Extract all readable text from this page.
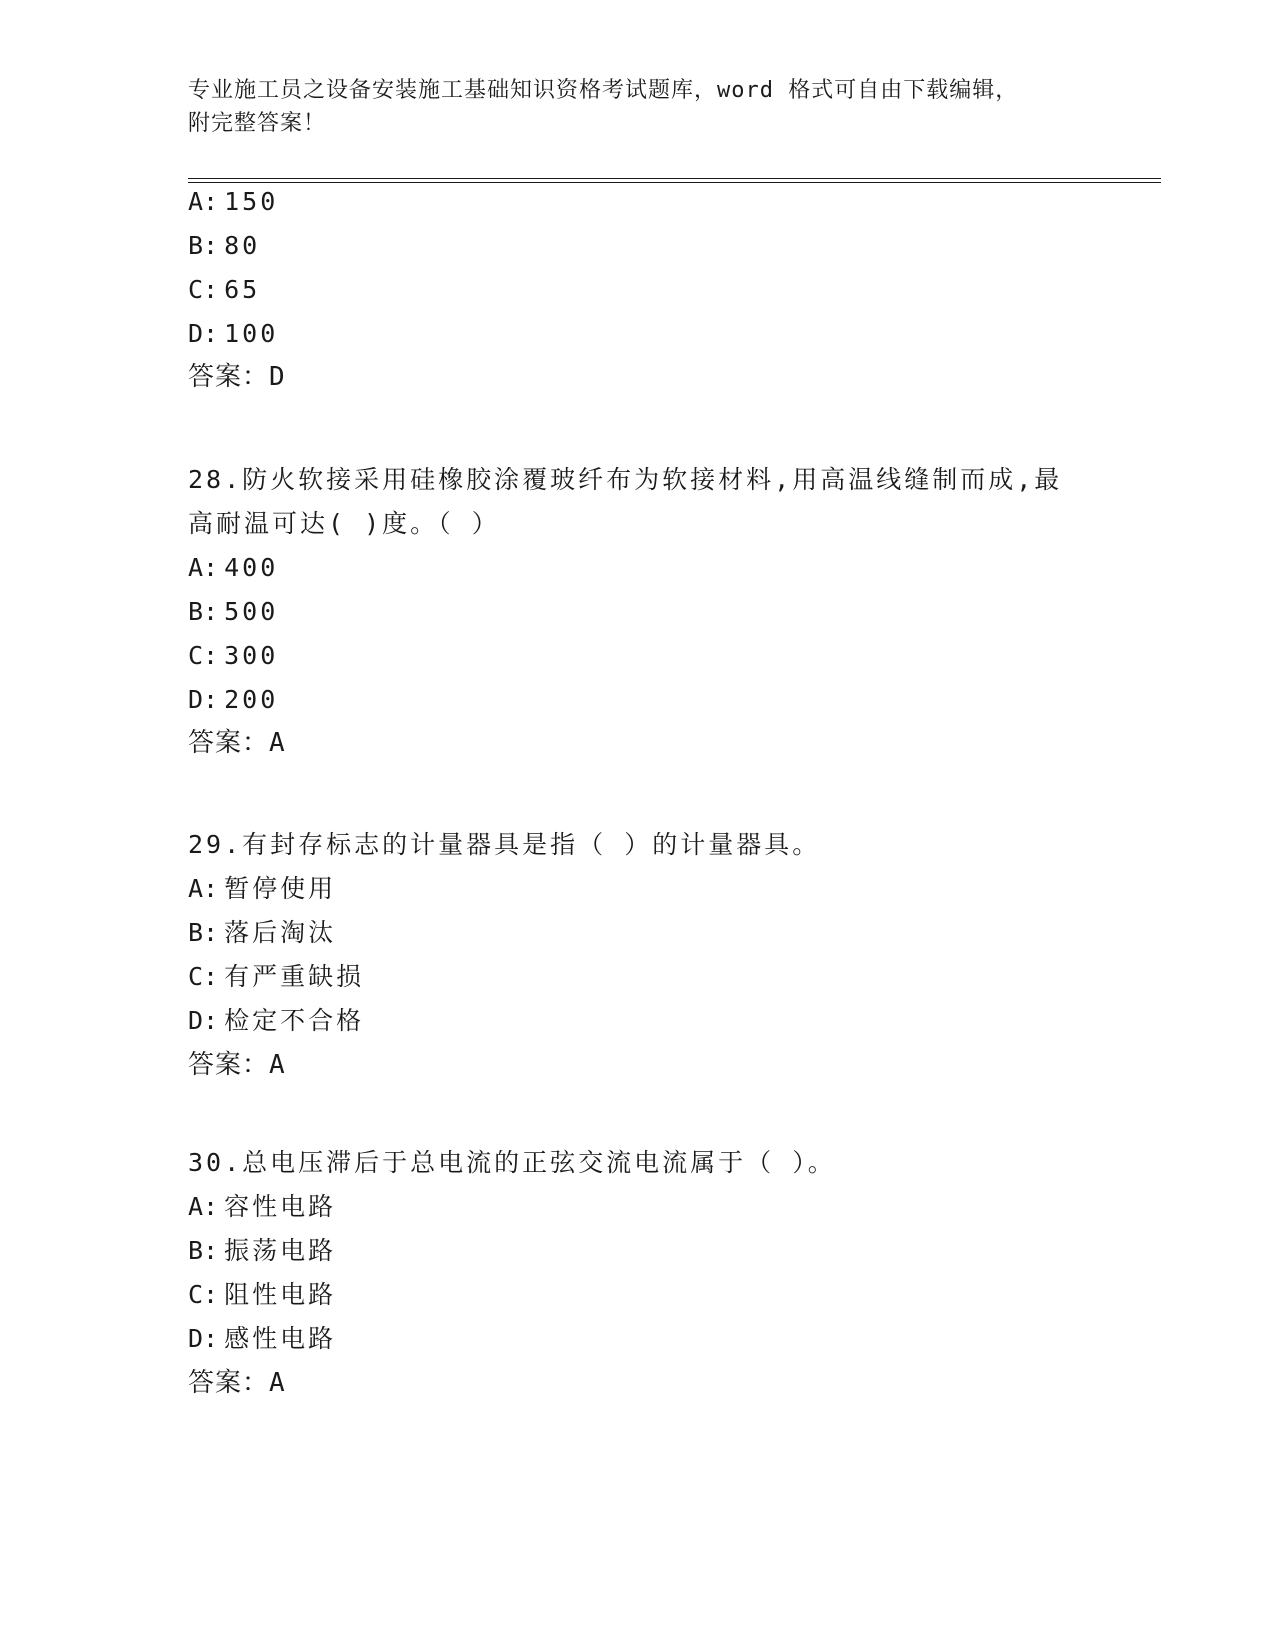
专业施工员之设备安装施工基础知识资格考试题库，word 格式可自由下载编辑，
附完整答案！
A: 150
B: 80
C: 65
D: 100
答案：D
28.防火软接采用硅橡胶涂覆玻纤布为软接材料,用高温线缝制而成,最
高耐温可达( )度。（ ）
A: 400
B: 500
C: 300
D: 200
答案：A
29.有封存标志的计量器具是指（ ）的计量器具。
A: 暂停使用
B: 落后淘汰
C: 有严重缺损
D: 检定不合格
答案：A
30.总电压滞后于总电流的正弦交流电流属于（ ）。
A: 容性电路
B: 振荡电路
C: 阻性电路
D: 感性电路
答案：A
